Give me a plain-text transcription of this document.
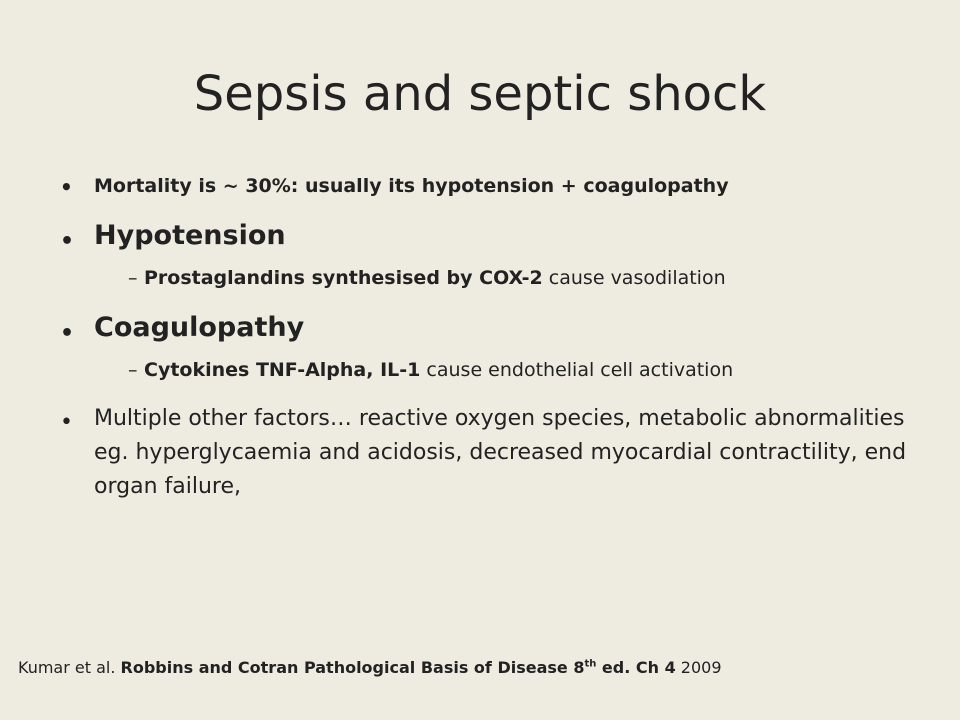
Sepsis and septic shock
• Mortality is ~ 30%: usually its hypotension + coagulopathy
• Hypotension
– Prostaglandins synthesised by COX-2 cause vasodilation
• Coagulopathy
– Cytokines TNF-Alpha, IL-1 cause endothelial cell activation
• Multiple other factors… reactive oxygen species, metabolic abnormalities eg. hyperglycaemia and acidosis, decreased myocardial contractility, end organ failure,
Kumar et al. Robbins and Cotran Pathological Basis of Disease 8th ed. Ch 4 2009
